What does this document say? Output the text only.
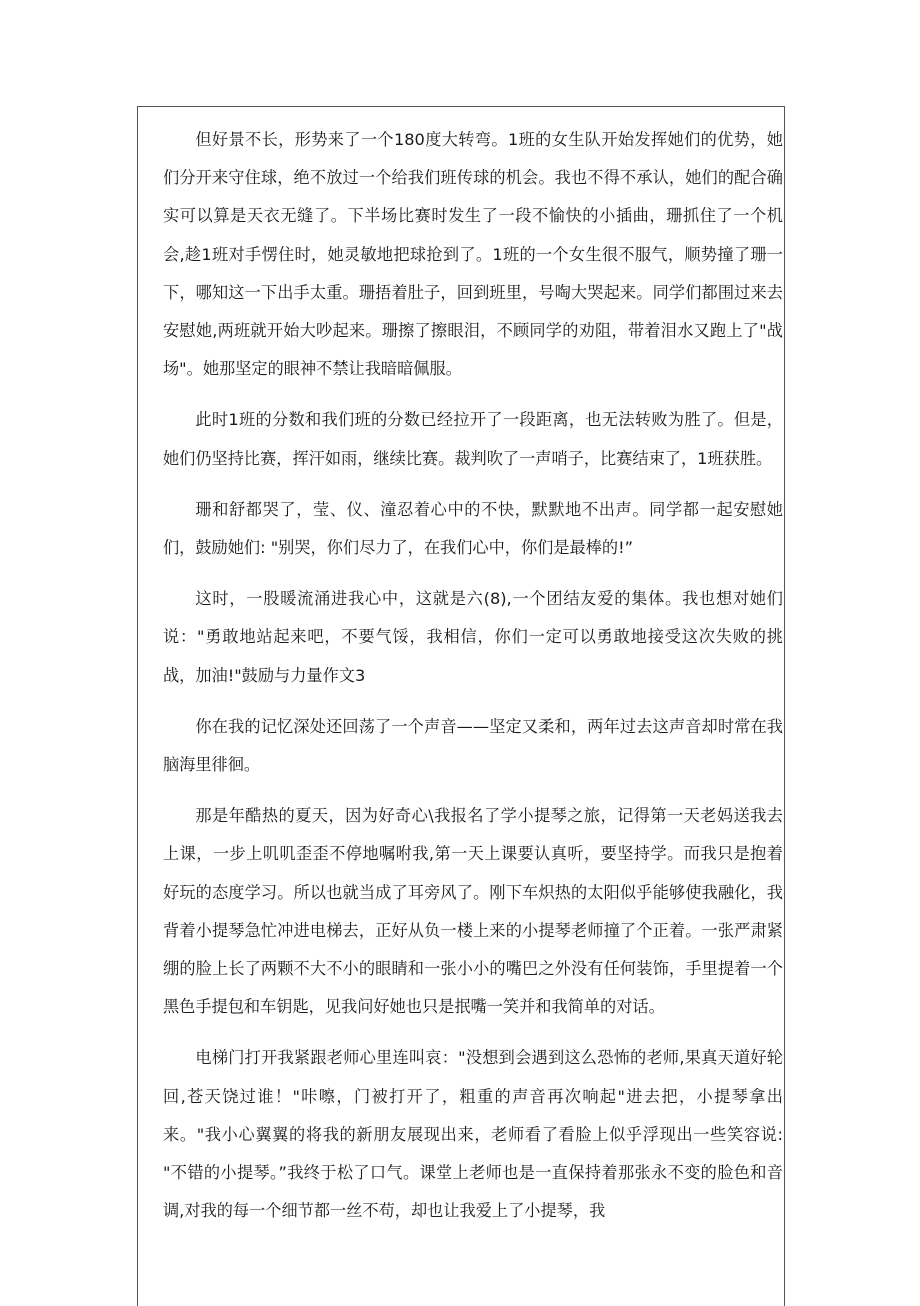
但好景不长，形势来了一个180度大转弯。1班的女生队开始发挥她们的优势，她们分开来守住球，绝不放过一个给我们班传球的机会。我也不得不承认，她们的配合确实可以算是天衣无缝了。下半场比赛时发生了一段不愉快的小插曲，珊抓住了一个机会,趁1班对手愣住时，她灵敏地把球抢到了。1班的一个女生很不服气，顺势撞了珊一下，哪知这一下出手太重。珊捂着肚子，回到班里，号啕大哭起来。同学们都围过来去安慰她,两班就开始大吵起来。珊擦了擦眼泪，不顾同学的劝阻，带着泪水又跑上了"战场"。她那坚定的眼神不禁让我暗暗佩服。

此时1班的分数和我们班的分数已经拉开了一段距离，也无法转败为胜了。但是，她们仍坚持比赛，挥汗如雨，继续比赛。裁判吹了一声哨子，比赛结束了，1班获胜。

珊和舒都哭了，莹、仪、潼忍着心中的不快，默默地不出声。同学都一起安慰她们，鼓励她们: "别哭，你们尽力了，在我们心中，你们是最棒的!”

这时，一股暖流涌进我心中，这就是六(8),一个团结友爱的集体。我也想对她们说："勇敢地站起来吧，不要气馁，我相信，你们一定可以勇敢地接受这次失败的挑战，加油!"鼓励与力量作文3

你在我的记忆深处还回荡了一个声音——坚定又柔和，两年过去这声音却时常在我脑海里徘徊。

那是年酷热的夏天，因为好奇心\我报名了学小提琴之旅，记得第一天老妈送我去上课，一步上叽叽歪歪不停地嘱咐我,第一天上课要认真听，要坚持学。而我只是抱着好玩的态度学习。所以也就当成了耳旁风了。刚下车炽热的太阳似乎能够使我融化，我背着小提琴急忙冲进电梯去，正好从负一楼上来的小提琴老师撞了个正着。一张严肃紧绷的脸上长了两颗不大不小的眼睛和一张小小的嘴巴之外没有任何装饰，手里提着一个黑色手提包和车钥匙，见我问好她也只是抿嘴一笑并和我简单的对话。

电梯门打开我紧跟老师心里连叫哀："没想到会遇到这么恐怖的老师,果真天道好轮回,苍天饶过谁！"咔嚓，门被打开了，粗重的声音再次响起"进去把，小提琴拿出来。"我小心翼翼的将我的新朋友展现出来，老师看了看脸上似乎浮现出一些笑容说: "不错的小提琴。”我终于松了口气。课堂上老师也是一直保持着那张永不变的脸色和音调,对我的每一个细节都一丝不苟，却也让我爱上了小提琴，我
